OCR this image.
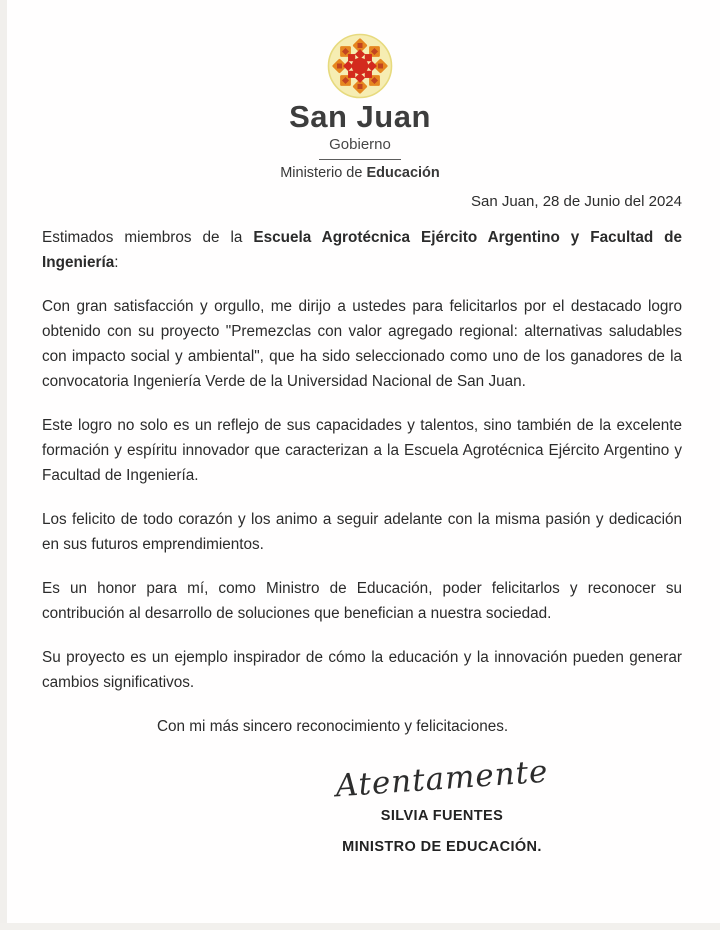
San Juan
Gobierno
Ministerio de Educación
San Juan, 28 de Junio del 2024

Estimados miembros de la Escuela Agrotécnica Ejército Argentino y Facultad de Ingeniería:

Con gran satisfacción y orgullo, me dirijo a ustedes para felicitarlos por el destacado logro obtenido con su proyecto "Premezclas con valor agregado regional: alternativas saludables con impacto social y ambiental", que ha sido seleccionado como uno de los ganadores de la convocatoria Ingeniería Verde de la Universidad Nacional de San Juan.

Este logro no solo es un reflejo de sus capacidades y talentos, sino también de la excelente formación y espíritu innovador que caracterizan a la Escuela Agrotécnica Ejército Argentino y Facultad de Ingeniería.

Los felicito de todo corazón y los animo a seguir adelante con la misma pasión y dedicación en sus futuros emprendimientos.

Es un honor para mí, como Ministro de Educación, poder felicitarlos y reconocer su contribución al desarrollo de soluciones que benefician a nuestra sociedad.

Su proyecto es un ejemplo inspirador de cómo la educación y la innovación pueden generar cambios significativos.

Con mi más sincero reconocimiento y felicitaciones.

Atentamente
SILVIA FUENTES
MINISTRO DE EDUCACIÓN.
